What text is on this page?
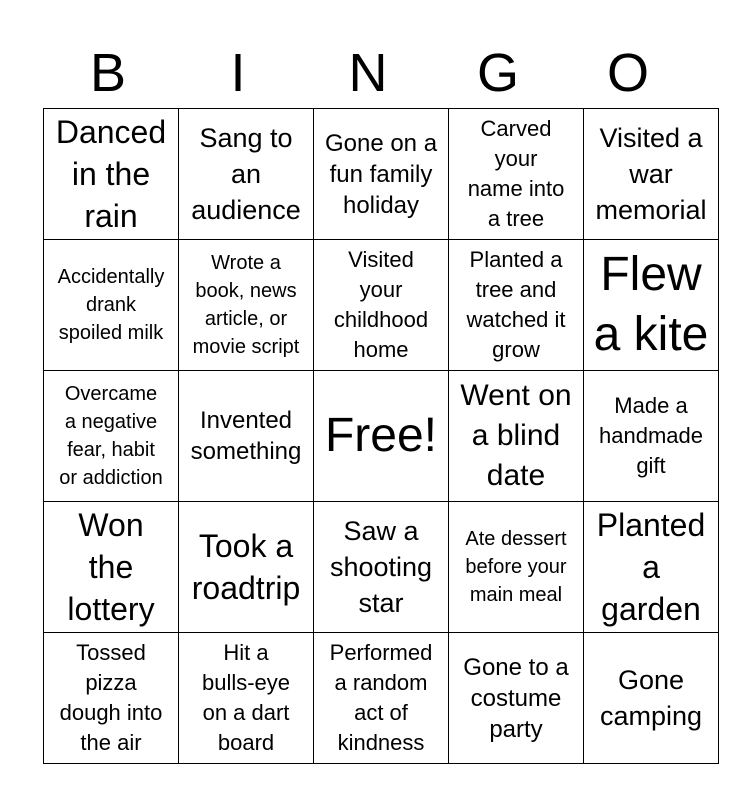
B	I	N	G	O
Danced
in the
rain	Sang to
an
audience	Gone on a
fun family
holiday	Carved
your
name into
a tree	Visited a
war
memorial

Accidentally
drank
spoiled milk	Wrote a
book, news
article, or
movie script	Visited
your
childhood
home	Planted a
tree and
watched it
grow	Flew
a kite

Overcame
a negative
fear, habit
or addiction	Invented
something	Free!	Went on
a blind
date	Made a
handmade
gift

Won
the
lottery	Took a
roadtrip	Saw a
shooting
star	Ate dessert
before your
main meal	Planted
a
garden

Tossed
pizza
dough into
the air	Hit a
bulls-eye
on a dart
board	Performed
a random
act of
kindness	Gone to a
costume
party	Gone
camping
